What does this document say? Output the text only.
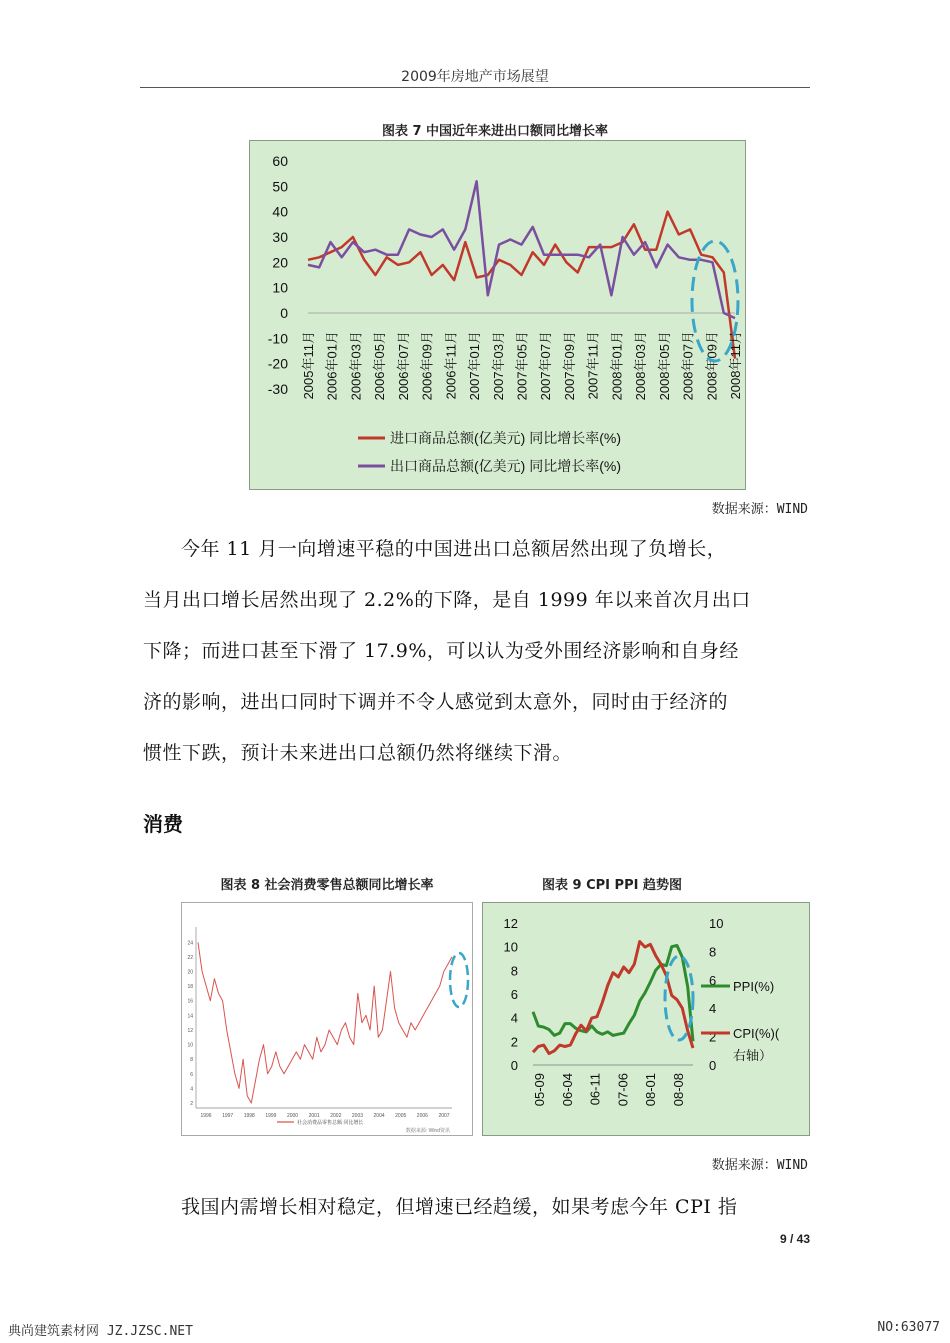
2009年房地产市场展望
图表 7 中国近年来进出口额同比增长率
60
50
40
30
20
10
0
-10
-20
-30 2005年11月 2006年01月 2006年03月 2006年05月 2006年07月 2006年09月 2006年11月 2007年01月 2007年03月 2007年05月 2007年07月 2007年09月 2007年11月 2008年01月 2008年03月 2008年05月 2008年07月 2008年09月 2008年11月
进口商品总额(亿美元) 同比增长率(%)
出口商品总额(亿美元) 同比增长率(%)
数据来源：WIND
今年 11 月一向增速平稳的中国进出口总额居然出现了负增长，
当月出口增长居然出现了 2.2%的下降，是自 1999 年以来首次月出口
下降；而进口甚至下滑了 17.9%，可以认为受外围经济影响和自身经
济的影响，进出口同时下调并不令人感觉到太意外，同时由于经济的
惯性下跌，预计未来进出口总额仍然将继续下滑。
消费
图表 8 社会消费零售总额同比增长率
24
22
20
18
16
14
12
10
8
6
4
2
1996 1997 1998 1999 2000 2001 2002 2003 2004 2005 2006 2007
社会消费品零售总额 同比增长
数据来源: Wind资讯
图表 9 CPI PPI 趋势图
12
10
8
6
4
2
0
10
8
6
4
2
0
05-09 06-04 06-11 07-06 08-01 08-08
PPI(%)
CPI(%)(
右轴）
数据来源：WIND
我国内需增长相对稳定，但增速已经趋缓，如果考虑今年 CPI 指
9 / 43
典尚建筑素材网 JZ.JZSC.NET	NO:63077
